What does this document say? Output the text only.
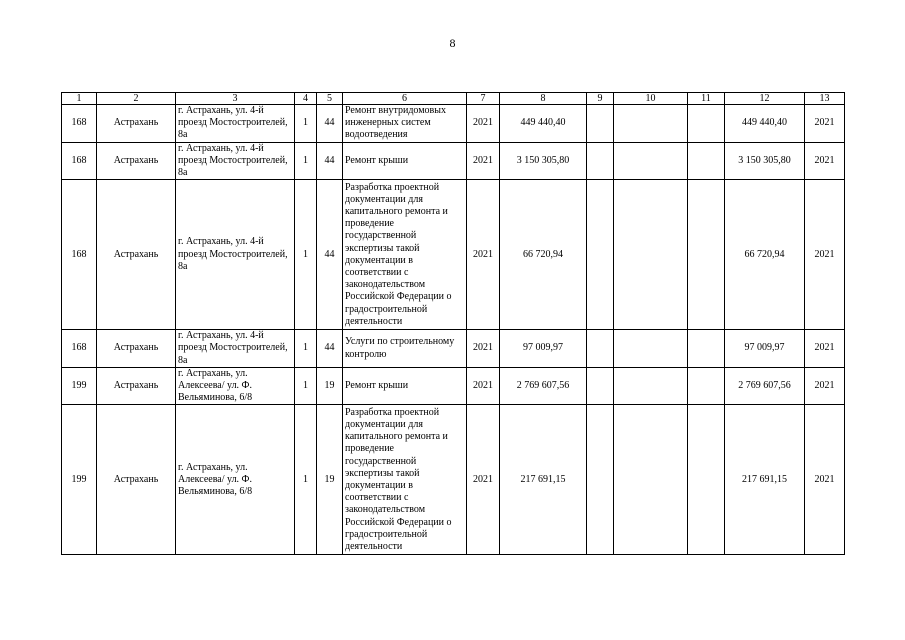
8
1	2	3	4	5	6	7	8	9	10	11	12	13
168	Астрахань	г. Астрахань, ул. 4-й проезд Мостостроителей, 8а	1	44	Ремонт внутридомовых инженерных систем водоотведения	2021	449 440,40				449 440,40	2021
168	Астрахань	г. Астрахань, ул. 4-й проезд Мостостроителей, 8а	1	44	Ремонт крыши	2021	3 150 305,80				3 150 305,80	2021
168	Астрахань	г. Астрахань, ул. 4-й проезд Мостостроителей, 8а	1	44	Разработка проектной документации для капитального ремонта и проведение государственной экспертизы такой документации в соответствии с законодательством Российской Федерации о градостроительной деятельности	2021	66 720,94				66 720,94	2021
168	Астрахань	г. Астрахань, ул. 4-й проезд Мостостроителей, 8а	1	44	Услуги по строительному контролю	2021	97 009,97				97 009,97	2021
199	Астрахань	г. Астрахань, ул. Алексеева/ ул. Ф. Вельяминова, 6/8	1	19	Ремонт крыши	2021	2 769 607,56				2 769 607,56	2021
199	Астрахань	г. Астрахань, ул. Алексеева/ ул. Ф. Вельяминова, 6/8	1	19	Разработка проектной документации для капитального ремонта и проведение государственной экспертизы такой документации в соответствии с законодательством Российской Федерации о градостроительной деятельности	2021	217 691,15				217 691,15	2021
